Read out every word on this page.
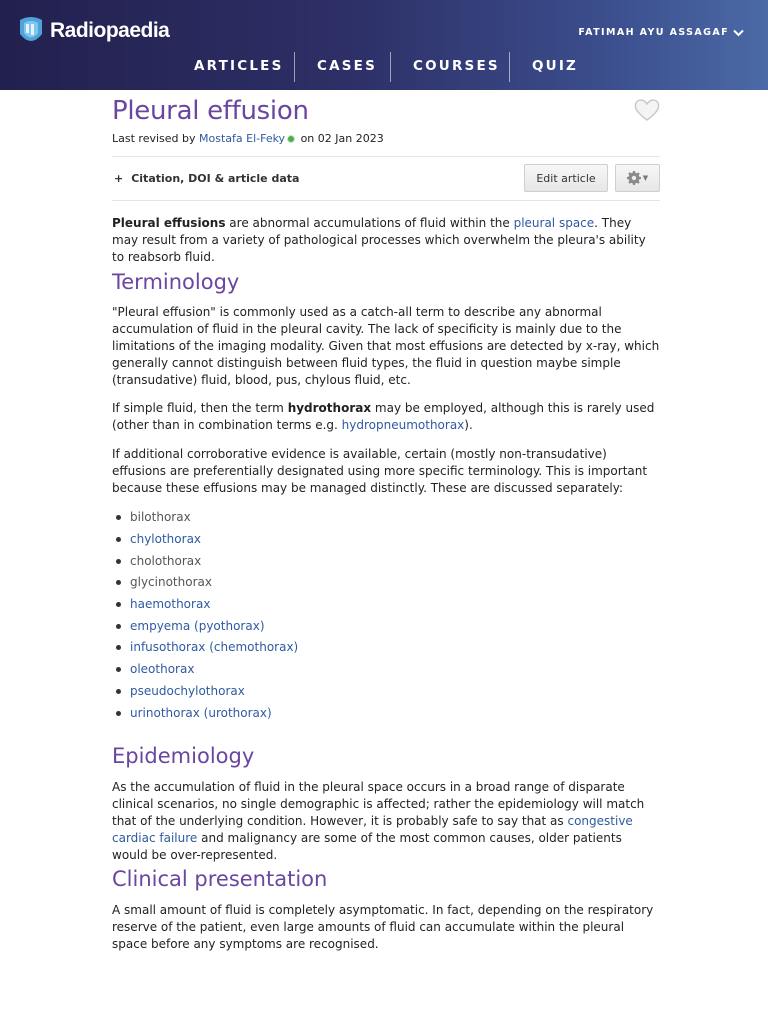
Radiopaedia	FATIMAH AYU ASSAGAF
ARTICLES CASES	COURSES QUIZ
Pleural effusion
Last revised by Mostafa El-Feky on 02 Jan 2023
+ Citation, DOI & article data	Edit article	▼

Pleural effusions are abnormal accumulations of fluid within the pleural space. They may result from a variety of pathological processes which overwhelm the pleura's ability to reabsorb fluid.

Terminology

"Pleural effusion" is commonly used as a catch-all term to describe any abnormal accumulation of fluid in the pleural cavity. The lack of specificity is mainly due to the limitations of the imaging modality. Given that most effusions are detected by x-ray, which generally cannot distinguish between fluid types, the fluid in question maybe simple (transudative) fluid, blood, pus, chylous fluid, etc.

If simple fluid, then the term hydrothorax may be employed, although this is rarely used (other than in combination terms e.g. hydropneumothorax).

If additional corroborative evidence is available, certain (mostly non-transudative) effusions are preferentially designated using more specific terminology. This is important because these effusions may be managed distinctly. These are discussed separately:

bilothorax
chylothorax
cholothorax
glycinothorax
haemothorax
empyema (pyothorax)
infusothorax (chemothorax)
oleothorax
pseudochylothorax
urinothorax (urothorax)
Epidemiology

As the accumulation of fluid in the pleural space occurs in a broad range of disparate clinical scenarios, no single demographic is affected; rather the epidemiology will match that of the underlying condition. However, it is probably safe to say that as congestive cardiac failure and malignancy are some of the most common causes, older patients would be over-represented.

Clinical presentation

A small amount of fluid is completely asymptomatic. In fact, depending on the respiratory reserve of the patient, even large amounts of fluid can accumulate within the pleural space before any symptoms are recognised.
